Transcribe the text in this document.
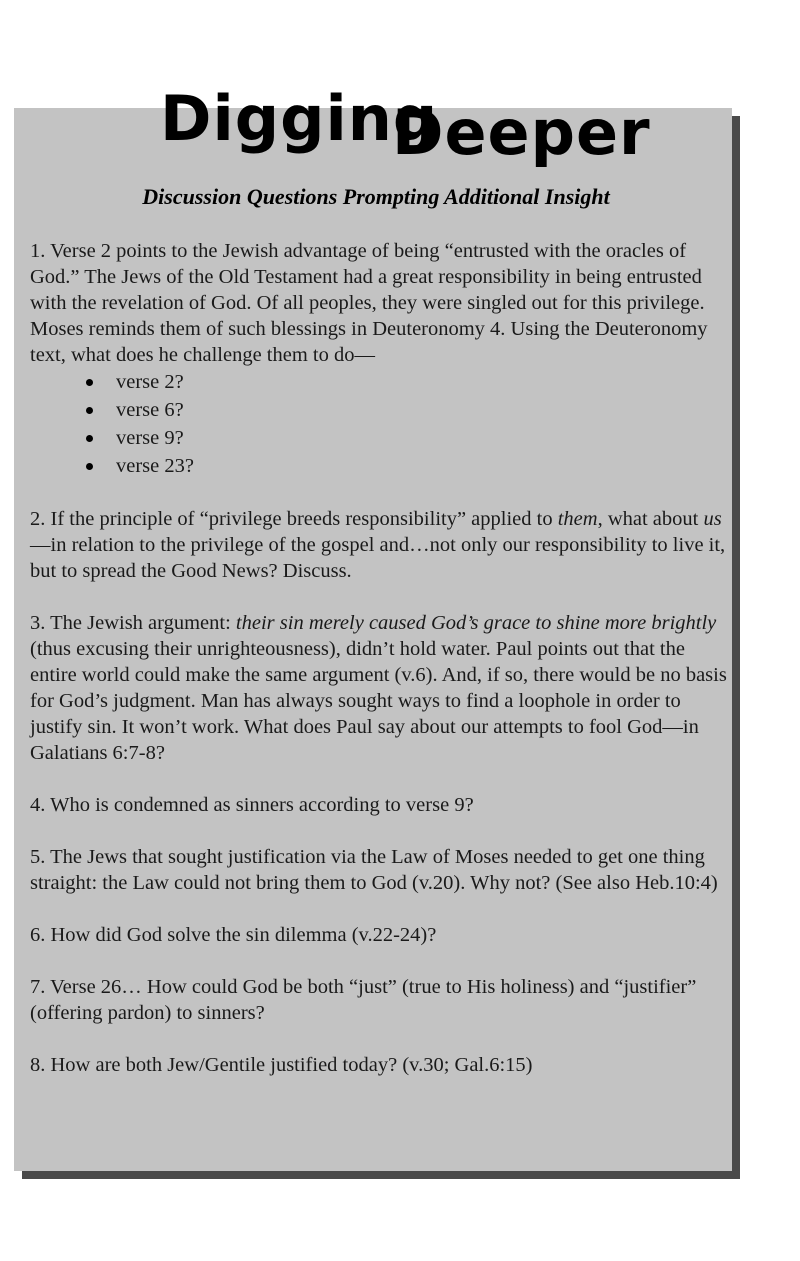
Digging
Deeper
Discussion Questions Prompting Additional Insight

1. Verse 2 points to the Jewish advantage of being “entrusted with the oracles of God.” The Jews of the Old Testament had a great responsibility in being entrusted with the revelation of God. Of all peoples, they were singled out for this privilege. Moses reminds them of such blessings in Deuteronomy 4. Using the Deuteronomy text, what does he challenge them to do—

verse 2?
verse 6?
verse 9?
verse 23?

2. If the principle of “privilege breeds responsibility” applied to them, what about us—in relation to the privilege of the gospel and…not only our responsibility to live it, but to spread the Good News? Discuss.

3. The Jewish argument: their sin merely caused God’s grace to shine more brightly (thus excusing their unrighteousness), didn’t hold water. Paul points out that the entire world could make the same argument (v.6). And, if so, there would be no basis for God’s judgment. Man has always sought ways to find a loophole in order to justify sin. It won’t work. What does Paul say about our attempts to fool God—in Galatians 6:7-8?

4. Who is condemned as sinners according to verse 9?

5. The Jews that sought justification via the Law of Moses needed to get one thing straight: the Law could not bring them to God (v.20). Why not? (See also Heb.10:4)

6. How did God solve the sin dilemma (v.22-24)?

7. Verse 26… How could God be both “just” (true to His holiness) and “justifier” (offering pardon) to sinners?

8. How are both Jew/Gentile justified today? (v.30; Gal.6:15)
